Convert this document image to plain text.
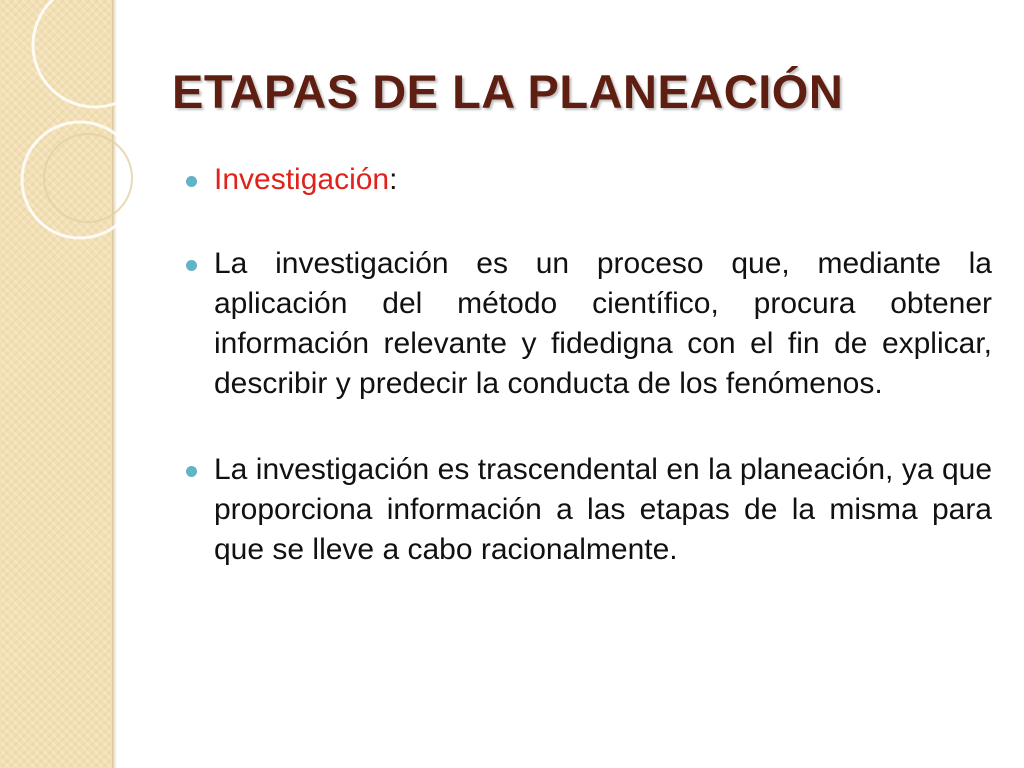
ETAPAS DE LA PLANEACIÓN
Investigación:
La investigación es un proceso que, mediante la aplicación del método científico, procura obtener información relevante y fidedigna con el fin de explicar, describir y predecir la conducta de los fenómenos.
La investigación es trascendental en la planeación, ya que proporciona información a las etapas de la misma para que se lleve a cabo racionalmente.
